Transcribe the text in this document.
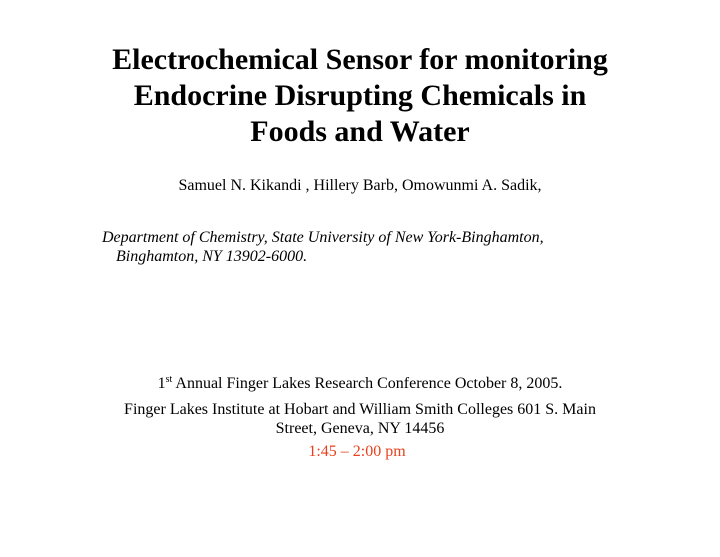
Electrochemical Sensor for monitoring
Endocrine Disrupting Chemicals in
Foods and Water
Samuel N. Kikandi , Hillery Barb, Omowunmi A. Sadik,
Department of Chemistry, State University of New York-Binghamton,
Binghamton, NY 13902-6000.
1st Annual Finger Lakes Research Conference October 8, 2005.
Finger Lakes Institute at Hobart and William Smith Colleges 601 S. Main
Street, Geneva, NY 14456
1:45 – 2:00 pm
